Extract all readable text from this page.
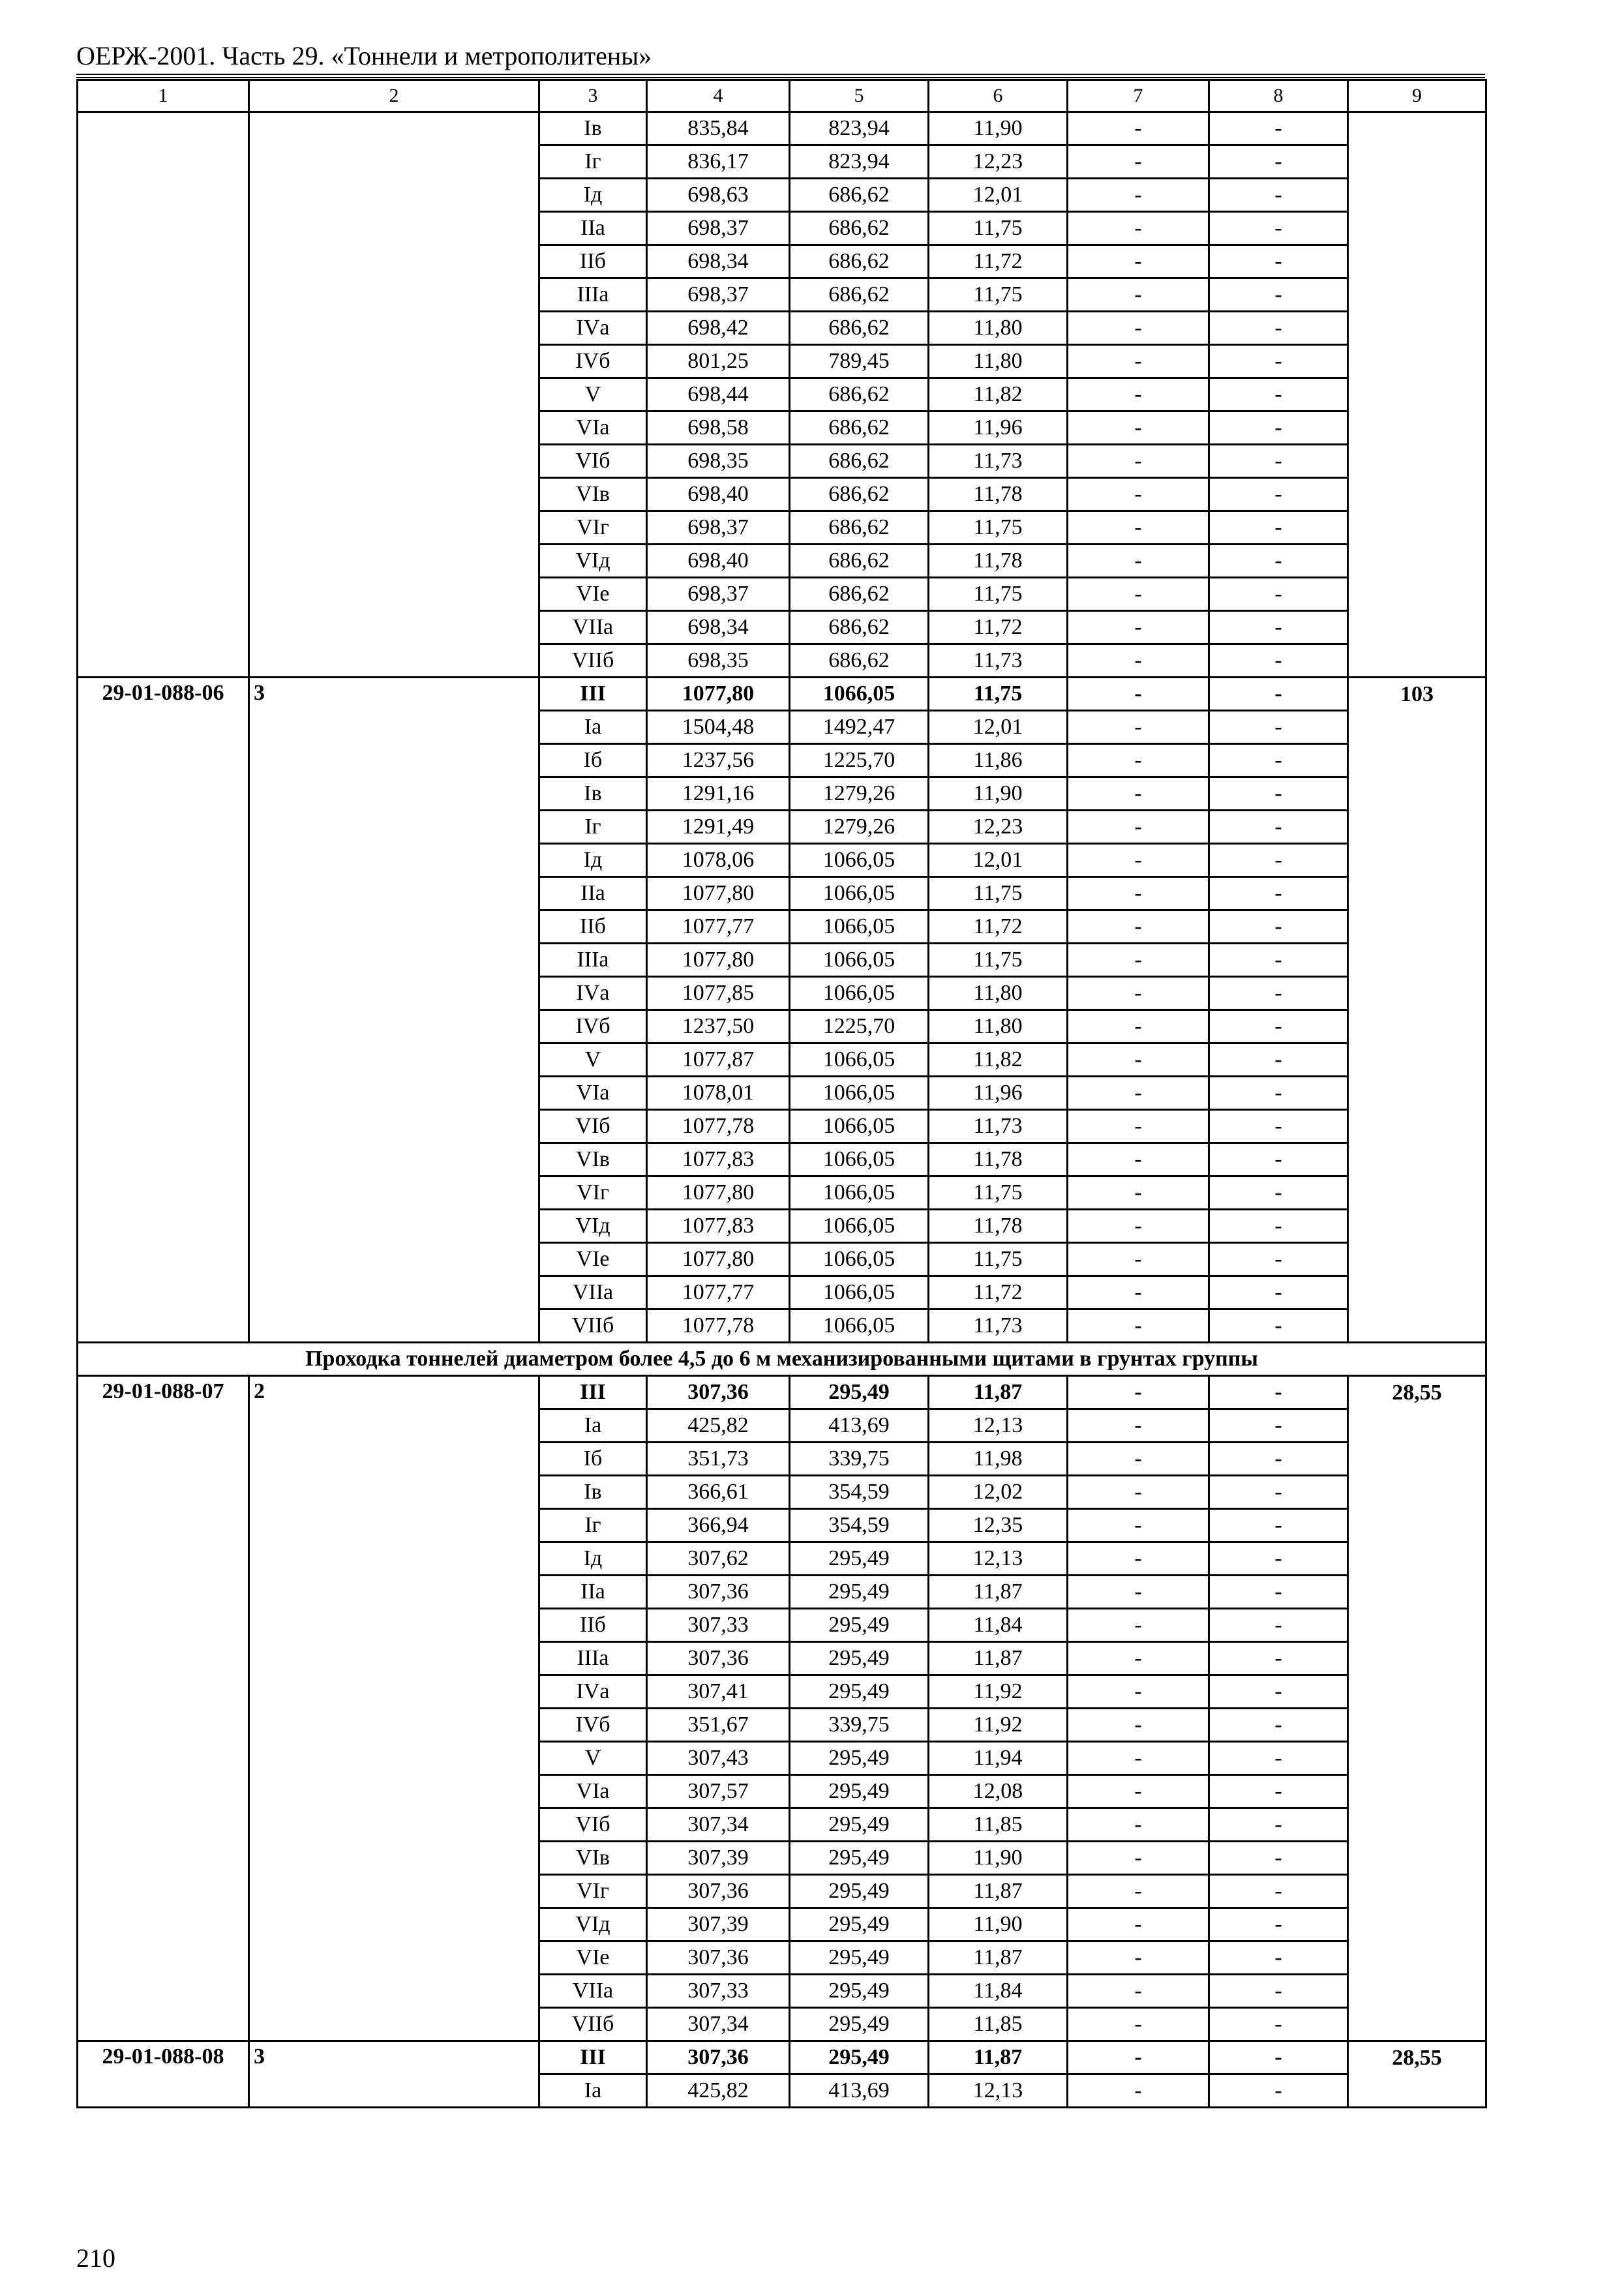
ОЕРЖ-2001. Часть 29. «Тоннели и метрополитены»
1	2	3	4	5	6	7	8	9
		Iв	835,84	823,94	11,90	-	-	
		Iг	836,17	823,94	12,23	-	-	
		Iд	698,63	686,62	12,01	-	-	
		IIа	698,37	686,62	11,75	-	-	
		IIб	698,34	686,62	11,72	-	-	
		IIIа	698,37	686,62	11,75	-	-	
		IVа	698,42	686,62	11,80	-	-	
		IVб	801,25	789,45	11,80	-	-	
		V	698,44	686,62	11,82	-	-	
		VIа	698,58	686,62	11,96	-	-	
		VIб	698,35	686,62	11,73	-	-	
		VIв	698,40	686,62	11,78	-	-	
		VIг	698,37	686,62	11,75	-	-	
		VIд	698,40	686,62	11,78	-	-	
		VIе	698,37	686,62	11,75	-	-	
		VIIа	698,34	686,62	11,72	-	-	
		VIIб	698,35	686,62	11,73	-	-	
29-01-088-06	3	III	1077,80	1066,05	11,75	-	-	103
		Iа	1504,48	1492,47	12,01	-	-	
		Iб	1237,56	1225,70	11,86	-	-	
		Iв	1291,16	1279,26	11,90	-	-	
		Iг	1291,49	1279,26	12,23	-	-	
		Iд	1078,06	1066,05	12,01	-	-	
		IIа	1077,80	1066,05	11,75	-	-	
		IIб	1077,77	1066,05	11,72	-	-	
		IIIа	1077,80	1066,05	11,75	-	-	
		IVа	1077,85	1066,05	11,80	-	-	
		IVб	1237,50	1225,70	11,80	-	-	
		V	1077,87	1066,05	11,82	-	-	
		VIа	1078,01	1066,05	11,96	-	-	
		VIб	1077,78	1066,05	11,73	-	-	
		VIв	1077,83	1066,05	11,78	-	-	
		VIг	1077,80	1066,05	11,75	-	-	
		VIд	1077,83	1066,05	11,78	-	-	
		VIе	1077,80	1066,05	11,75	-	-	
		VIIа	1077,77	1066,05	11,72	-	-	
		VIIб	1077,78	1066,05	11,73	-	-	
Проходка тоннелей диаметром более 4,5 до 6 м механизированными щитами в грунтах группы								
29-01-088-07	2	III	307,36	295,49	11,87	-	-	28,55
		Iа	425,82	413,69	12,13	-	-	
		Iб	351,73	339,75	11,98	-	-	
		Iв	366,61	354,59	12,02	-	-	
		Iг	366,94	354,59	12,35	-	-	
		Iд	307,62	295,49	12,13	-	-	
		IIа	307,36	295,49	11,87	-	-	
		IIб	307,33	295,49	11,84	-	-	
		IIIа	307,36	295,49	11,87	-	-	
		IVа	307,41	295,49	11,92	-	-	
		IVб	351,67	339,75	11,92	-	-	
		V	307,43	295,49	11,94	-	-	
		VIа	307,57	295,49	12,08	-	-	
		VIб	307,34	295,49	11,85	-	-	
		VIв	307,39	295,49	11,90	-	-	
		VIг	307,36	295,49	11,87	-	-	
		VIд	307,39	295,49	11,90	-	-	
		VIе	307,36	295,49	11,87	-	-	
		VIIа	307,33	295,49	11,84	-	-	
		VIIб	307,34	295,49	11,85	-	-	
29-01-088-08	3	III	307,36	295,49	11,87	-	-	28,55
		Iа	425,82	413,69	12,13	-	-	
210
